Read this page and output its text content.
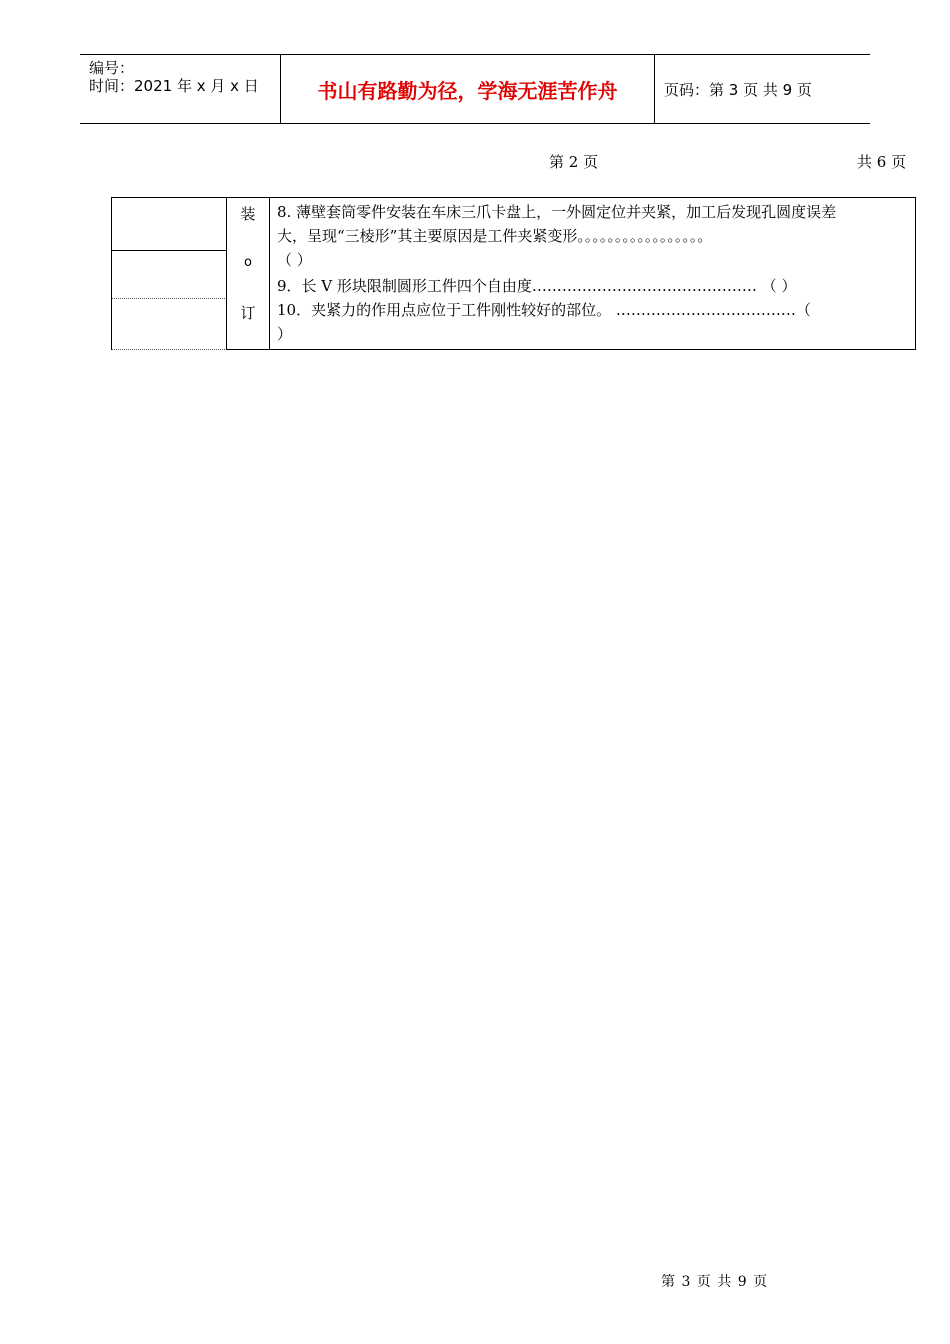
编号：
时间：2021 年 x 月 x 日	书山有路勤为径，学海无涯苦作舟	页码：第 3 页 共 9 页
第 2 页	共 6 页
装
o
订
8. 薄壁套筒零件安装在车床三爪卡盘上，一外圆定位并夹紧，加工后发现孔圆度误差
大，呈现“三棱形”其主要原因是工件夹紧变形。。。。。。。。。。。。。。。。。
（ ）
9．长 V 形块限制圆形工件四个自由度……………………………………… （ ）
10．夹紧力的作用点应位于工件刚性较好的部位。 ………………………………（
）
第 3 页 共 9 页
